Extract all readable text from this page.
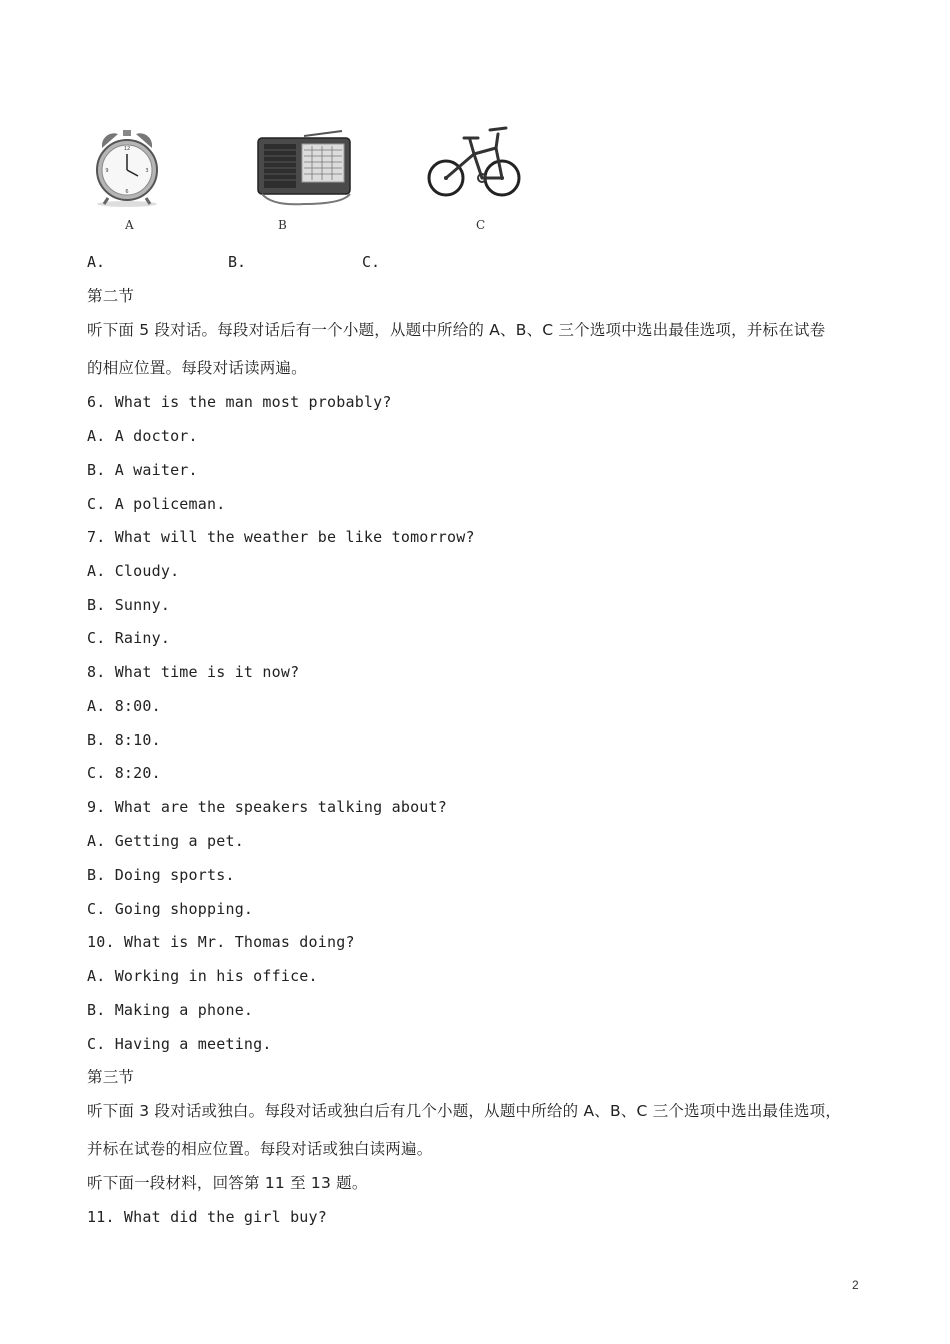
12
3
6
9
A	B	C
A.	B.	C.
第二节
听下面 5 段对话。每段对话后有一个小题，从题中所给的 A、B、C 三个选项中选出最佳选项，并标在试卷
的相应位置。每段对话读两遍。
6. What is the man most probably?
A. A doctor.
B. A waiter.
C. A policeman.
7. What will the weather be like tomorrow?
A. Cloudy.
B. Sunny.
C. Rainy.
8. What time is it now?
A. 8:00.
B. 8:10.
C. 8:20.
9. What are the speakers talking about?
A. Getting a pet.
B. Doing sports.
C. Going shopping.
10. What is Mr. Thomas doing?
A. Working in his office.
B. Making a phone.
C. Having a meeting.
第三节
听下面 3 段对话或独白。每段对话或独白后有几个小题，从题中所给的 A、B、C 三个选项中选出最佳选项，
并标在试卷的相应位置。每段对话或独白读两遍。
听下面一段材料，回答第 11 至 13 题。
11. What did the girl buy?
2
